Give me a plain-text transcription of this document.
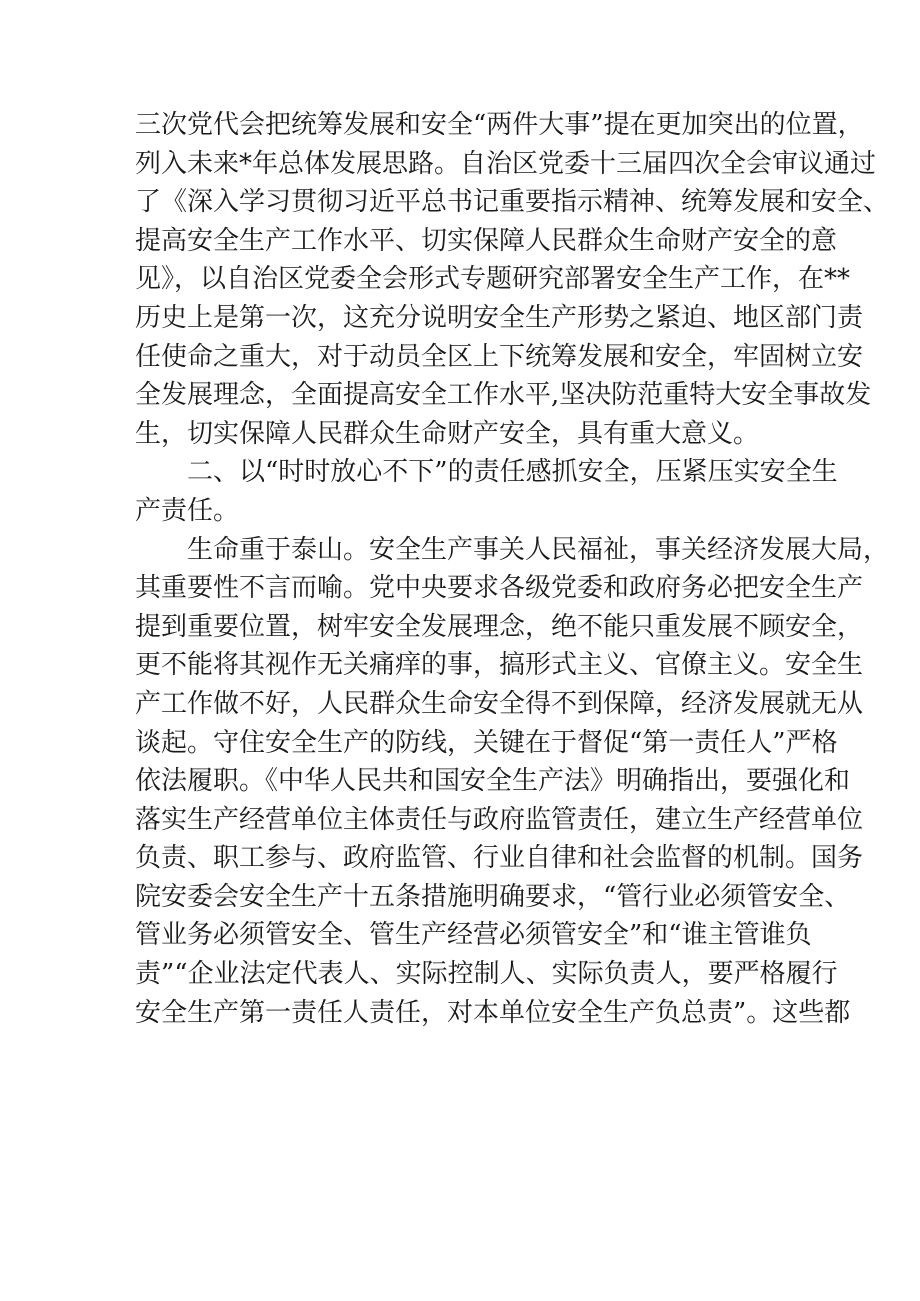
三次党代会把统筹发展和安全“两件大事”提在更加突出的位置，
列入未来*年总体发展思路。自治区党委十三届四次全会审议通过
了《深入学习贯彻习近平总书记重要指示精神、统筹发展和安全、
提高安全生产工作水平、切实保障人民群众生命财产安全的意
见》，以自治区党委全会形式专题研究部署安全生产工作，在**
历史上是第一次，这充分说明安全生产形势之紧迫、地区部门责
任使命之重大，对于动员全区上下统筹发展和安全，牢固树立安
全发展理念，全面提高安全工作水平,坚决防范重特大安全事故发
生，切实保障人民群众生命财产安全，具有重大意义。
二、以“时时放心不下”的责任感抓安全，压紧压实安全生
产责任。
生命重于泰山。安全生产事关人民福祉，事关经济发展大局，
其重要性不言而喻。党中央要求各级党委和政府务必把安全生产
提到重要位置，树牢安全发展理念，绝不能只重发展不顾安全，
更不能将其视作无关痛痒的事，搞形式主义、官僚主义。安全生
产工作做不好，人民群众生命安全得不到保障，经济发展就无从
谈起。守住安全生产的防线，关键在于督促“第一责任人”严格
依法履职。《中华人民共和国安全生产法》明确指出，要强化和
落实生产经营单位主体责任与政府监管责任，建立生产经营单位
负责、职工参与、政府监管、行业自律和社会监督的机制。国务
院安委会安全生产十五条措施明确要求，“管行业必须管安全、
管业务必须管安全、管生产经营必须管安全”和“谁主管谁负
责”“企业法定代表人、实际控制人、实际负责人，要严格履行
安全生产第一责任人责任，对本单位安全生产负总责”。这些都
